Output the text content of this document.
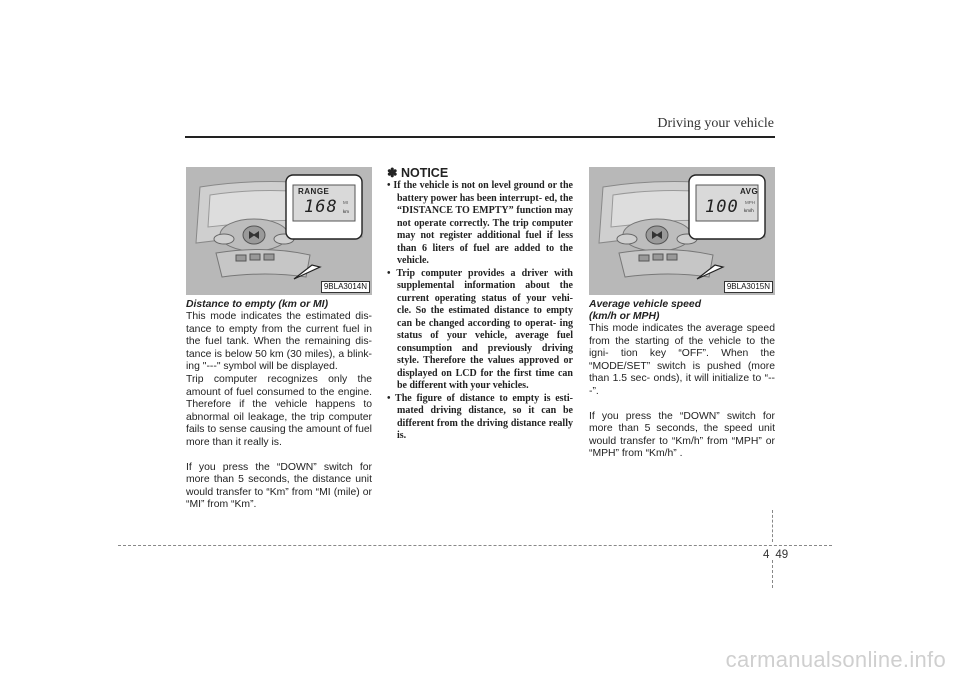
Driving your vehicle
RANGE
168 MI
km
9BLA3014N
Distance to empty (km or MI)

This mode indicates the estimated dis- tance to empty from the current fuel in the fuel tank. When the remaining dis- tance is below 50 km (30 miles), a blink- ing "---" symbol will be displayed.

Trip computer recognizes only the amount of fuel consumed to the engine. Therefore if the vehicle happens to abnormal oil leakage, the trip computer fails to sense causing the amount of fuel more than it really is.

If you press the “DOWN” switch for more than 5 seconds, the distance unit would transfer to “Km” from “MI (mile) or “MI” from “Km”.

✽ NOTICE
• If the vehicle is not on level ground or the battery power has been interrupt- ed, the “DISTANCE TO EMPTY” function may not operate correctly. The trip computer may not register additional fuel if less than 6 liters of fuel are added to the vehicle.
• Trip computer provides a driver with supplemental information about the current operating status of your vehi- cle. So the estimated distance to empty can be changed according to operat- ing status of your vehicle, average fuel consumption and previously driving style. Therefore the values approved or displayed on LCD for the first time can be different with your vehicles.
• The figure of distance to empty is esti- mated driving distance, so it can be different from the driving distance really is.
AVG
100 MPH
km/h
9BLA3015N
Average vehicle speed
(km/h or MPH)

This mode indicates the average speed from the starting of the vehicle to the igni- tion key “OFF”. When the “MODE/SET” switch is pushed (more than 1.5 sec- onds), it will initialize to “---”.

If you press the “DOWN” switch for more than 5 seconds, the speed unit would transfer to “Km/h” from “MPH” or “MPH” from “Km/h” .

4 49
carmanualsonline.info
